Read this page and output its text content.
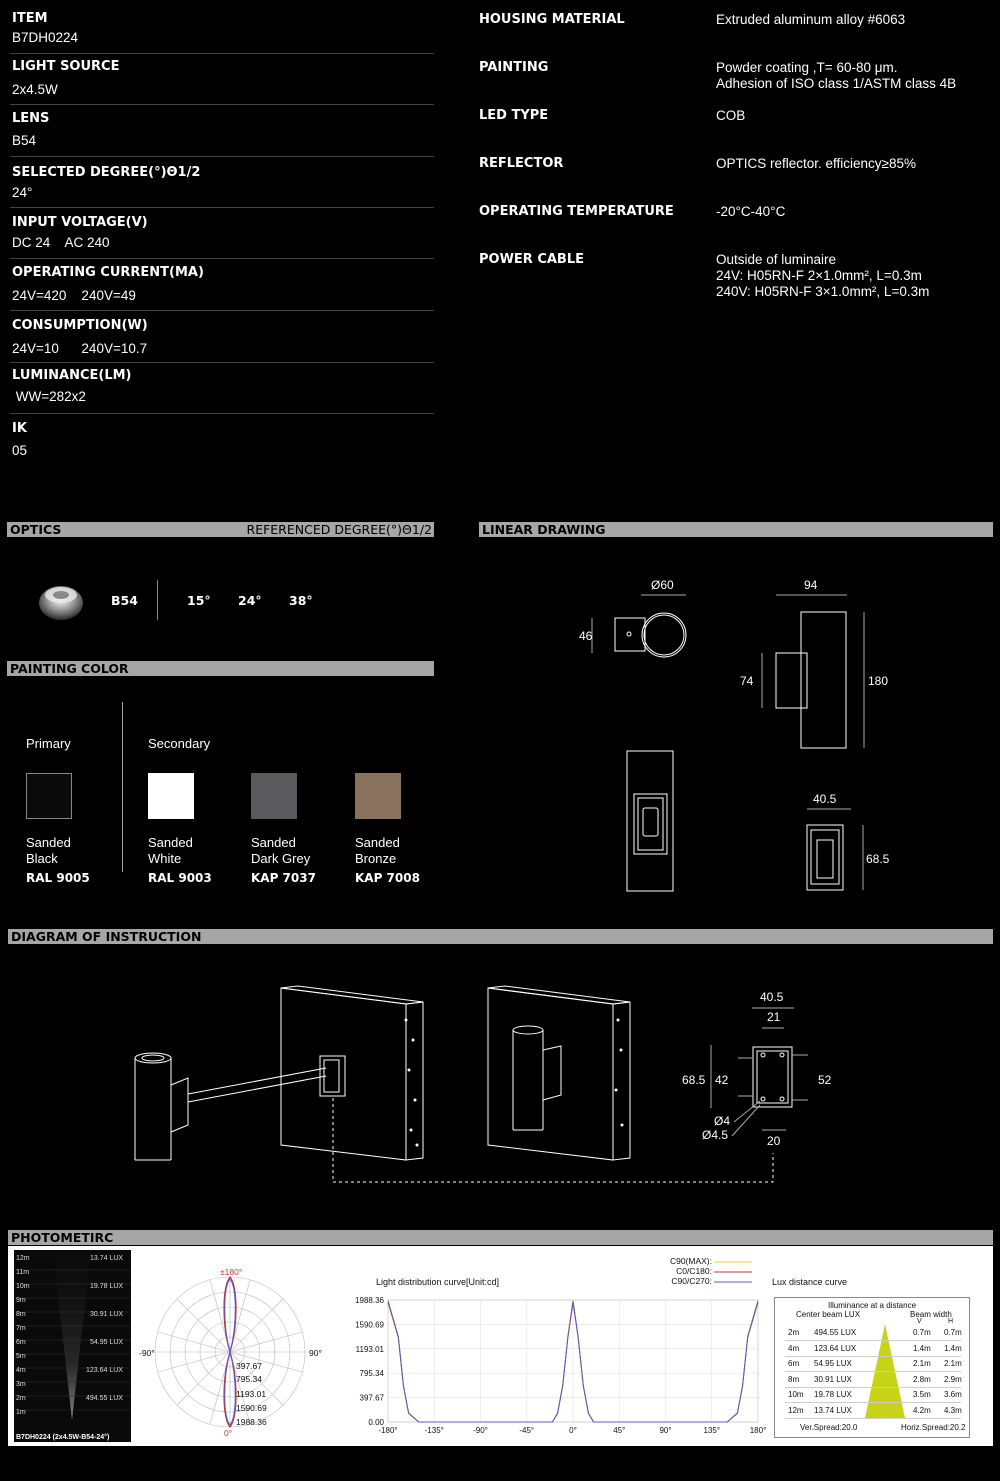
ITEM
B7DH0224
LIGHT SOURCE
2x4.5W
LENS
B54
SELECTED DEGREE(°)Θ1/2
24°
INPUT VOLTAGE(V)
DC 24    AC 240
OPERATING CURRENT(MA)
24V=420    240V=49
CONSUMPTION(W)
24V=10      240V=10.7
LUMINANCE(LM)
WW=282x2
IK
05
HOUSING MATERIAL	Extruded aluminum alloy #6063
PAINTING	Powder coating ,T= 60-80 μm.
Adhesion of ISO class 1/ASTM class 4B
LED TYPE	COB
REFLECTOR	OPTICS reflector. efficiency≥85%
OPERATING TEMPERATURE	-20°C-40°C
POWER CABLE	Outside of luminaire
24V: H05RN-F 2×1.0mm², L=0.3m
240V: H05RN-F 3×1.0mm², L=0.3m
OPTICS	REFERENCED DEGREE(°)Θ1/2	LINEAR DRAWING
PAINTING COLOR
DIAGRAM OF INSTRUCTION
PHOTOMETIRC
B54	15° 24° 38°
Primary	Secondary
Sanded
Black
RAL 9005
Sanded
White
RAL 9003
Sanded
Dark Grey
KAP 7037
Sanded
Bronze
KAP 7008
Ø60
46
94
74	180
40.5
68.5
40.5
21
68.5 42	52
Ø4
Ø4.5	20
12m
11m
10m
9m
8m
7m
6m
5m
4m
3m
2m
1m
13.74 LUX
19.78 LUX
30.91 LUX
54.95 LUX
123.64 LUX
494.55 LUX
B7DH0224 (2x4.5W-B54-24°)
±180°
0°
-90°	90°
397.67
795.34
1193.01
1590.69
1988.36
C90(MAX):
C0/C180:
C90/C270:
Light distribution curve[Unit:cd]
1988.36
1590.69
1193.01
795.34
397.67
0.00
-180°	-135°	-90°	-45°	0°	45°	90°	135°	180°
Lux distance curve
Illuminance at a distance
Center beam LUX	Beam width
V	H
2m 494.55 LUX	0.7m 0.7m
4m 123.64 LUX	1.4m 1.4m
6m 54.95 LUX	2.1m 2.1m
8m 30.91 LUX	2.8m 2.9m
10m 19.78 LUX	3.5m 3.6m
12m 13.74 LUX	4.2m 4.3m
Ver.Spread:20.0	Horiz.Spread:20.2
